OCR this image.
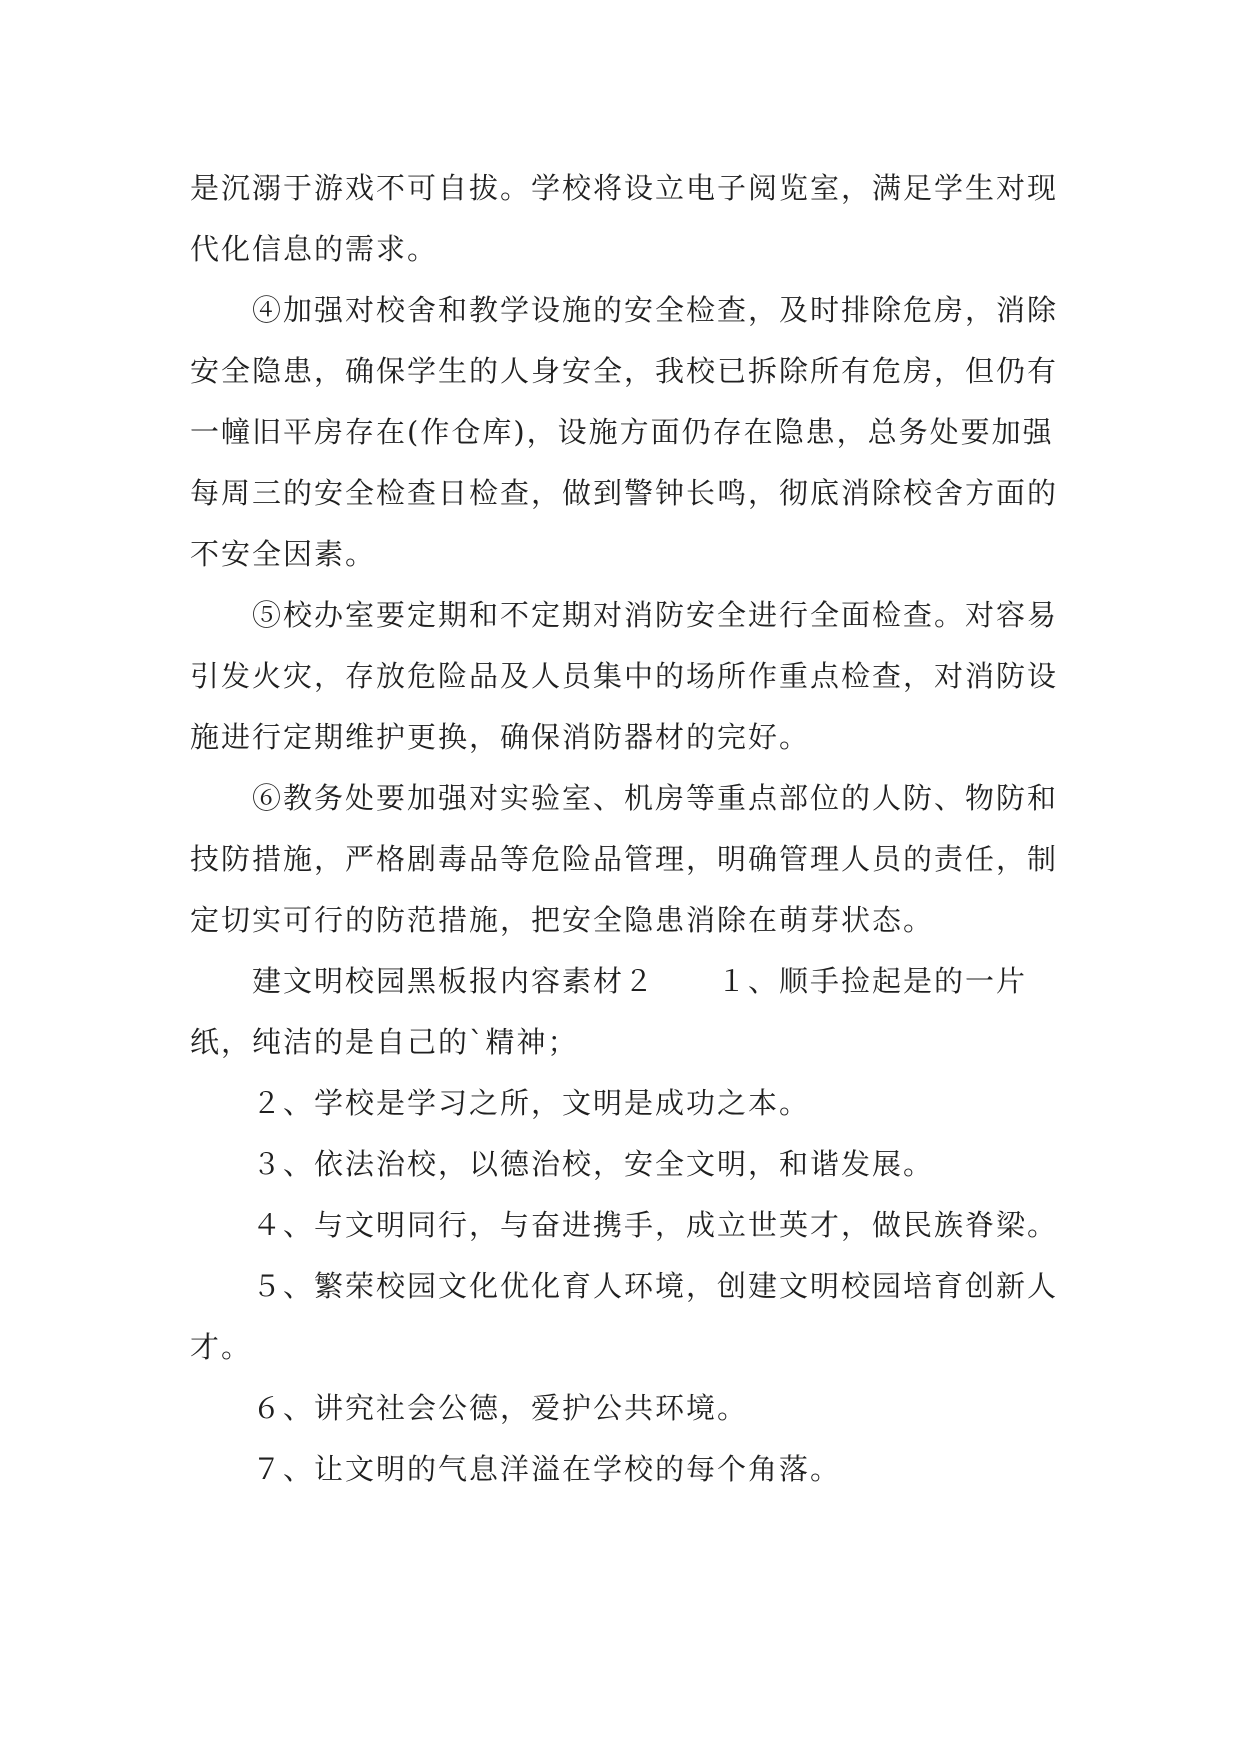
是沉溺于游戏不可自拔。学校将设立电子阅览室，满足学生对现代化信息的需求。

④加强对校舍和教学设施的安全检查，及时排除危房，消除安全隐患，确保学生的人身安全，我校已拆除所有危房，但仍有一幢旧平房存在(作仓库)，设施方面仍存在隐患，总务处要加强每周三的安全检查日检查，做到警钟长鸣，彻底消除校舍方面的不安全因素。

⑤校办室要定期和不定期对消防安全进行全面检查。对容易引发火灾，存放危险品及人员集中的场所作重点检查，对消防设施进行定期维护更换，确保消防器材的完好。

⑥教务处要加强对实验室、机房等重点部位的人防、物防和技防措施，严格剧毒品等危险品管理，明确管理人员的责任，制定切实可行的防范措施，把安全隐患消除在萌芽状态。

建文明校园黑板报内容素材２　　１、顺手捡起是的一片纸，纯洁的是自己的`精神；

２、学校是学习之所，文明是成功之本。

３、依法治校，以德治校，安全文明，和谐发展。

４、与文明同行，与奋进携手，成立世英才，做民族脊梁。

５、繁荣校园文化优化育人环境，创建文明校园培育创新人才。

６、讲究社会公德，爱护公共环境。

７、让文明的气息洋溢在学校的每个角落。
